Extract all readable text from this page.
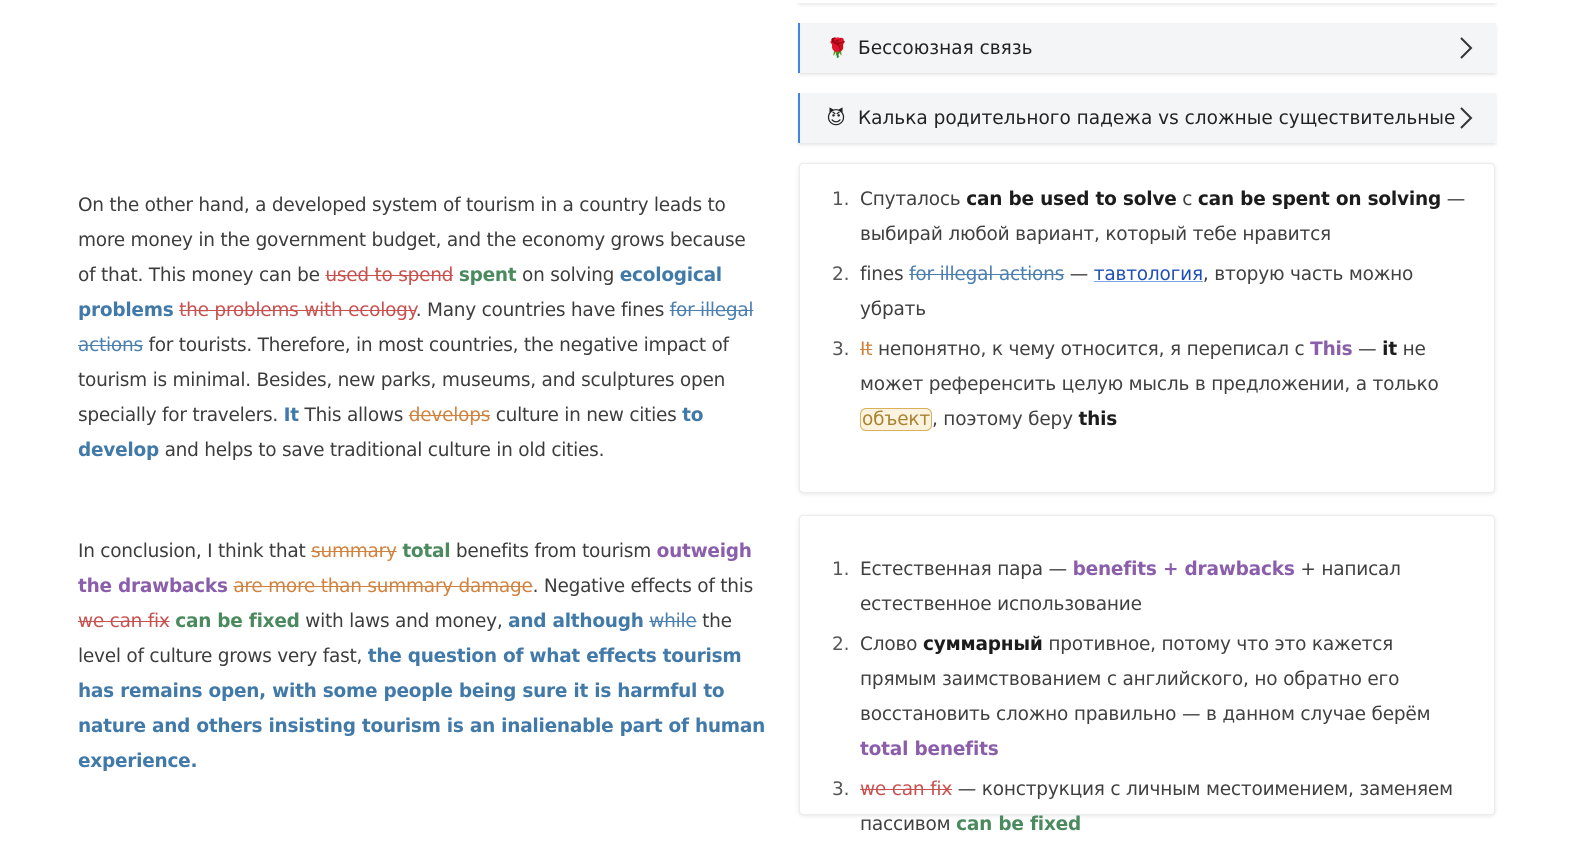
On the other hand, a developed system of tourism in a country leads to more money in the government budget, and the economy grows because of that. This money can be used to spend spent on solving ecological problems the problems with ecology. Many countries have fines for illegal actions for tourists. Therefore, in most countries, the negative impact of tourism is minimal. Besides, new parks, museums, and sculptures open specially for travelers. It This allows develops culture in new cities to develop and helps to save traditional culture in old cities.

In conclusion, I think that summary total benefits from tourism outweigh the drawbacks are more than summary damage. Negative effects of this we can fix can be fixed with laws and money, and although while the level of culture grows very fast, the question of what effects tourism has remains open, with some people being sure it is harmful to nature and others insisting tourism is an inalienable part of human experience.

🌹 Бессоюзная связь
😈 Калька родительного падежа vs сложные существительные
1. Спуталось can be used to solve с can be spent on solving — выбирай любой вариант, который тебе нравится
2. fines for illegal actions — тавтология, вторую часть можно убрать
3. It непонятно, к чему относится, я переписал с This — it не может референсить целую мысль в предложении, а только объект , поэтому беру this
1. Естественная пара — benefits + drawbacks + написал естественное использование
2. Слово суммарный противное, потому что это кажется прямым заимствованием с английского, но обратно его восстановить сложно правильно — в данном случае берём total benefits
3. we can fix — конструкция с личным местоимением, заменяем пассивом can be fixed
